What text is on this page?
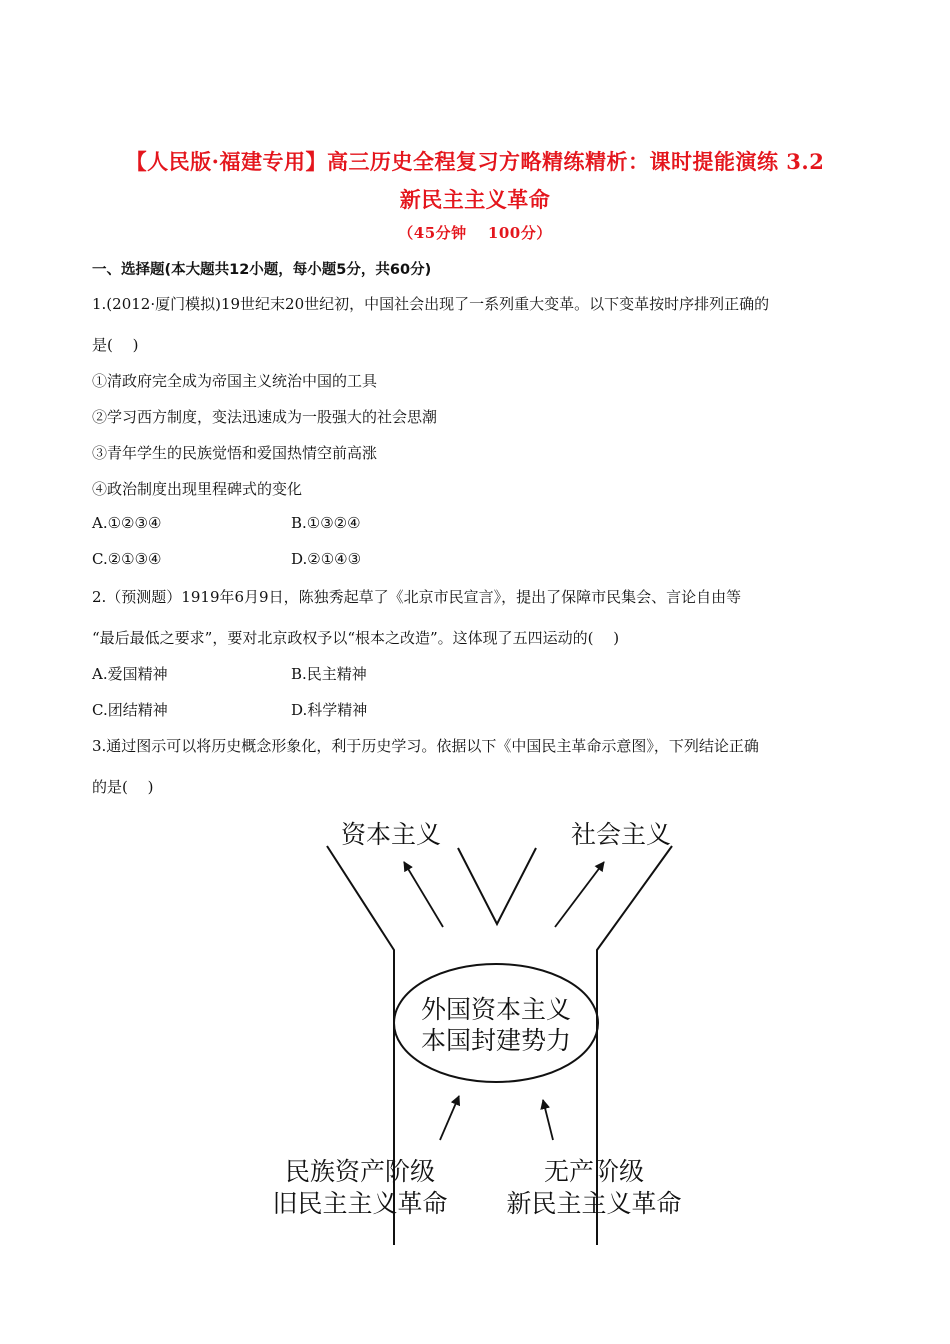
【人民版·福建专用】高三历史全程复习方略精练精析：课时提能演练 3.2
新民主主义革命
（45分钟　 100分）
一、选择题(本大题共12小题，每小题5分，共60分)
1.(2012·厦门模拟)19世纪末20世纪初，中国社会出现了一系列重大变革。以下变革按时序排列正确的
是(　 )
①清政府完全成为帝国主义统治中国的工具
②学习西方制度，变法迅速成为一股强大的社会思潮
③青年学生的民族觉悟和爱国热情空前高涨
④政治制度出现里程碑式的变化
A.①②③④	B.①③②④
C.②①③④	D.②①④③
2.（预测题）1919年6月9日，陈独秀起草了《北京市民宣言》，提出了保障市民集会、言论自由等
“最后最低之要求”，要对北京政权予以“根本之改造”。这体现了五四运动的(　 )
A.爱国精神	B.民主精神
C.团结精神	D.科学精神
3.通过图示可以将历史概念形象化，利于历史学习。依据以下《中国民主革命示意图》，下列结论正确
的是(　 )
资本主义	社会主义
外国资本主义
本国封建势力
民族资产阶级
旧民主主义革命
无产阶级
新民主主义革命
